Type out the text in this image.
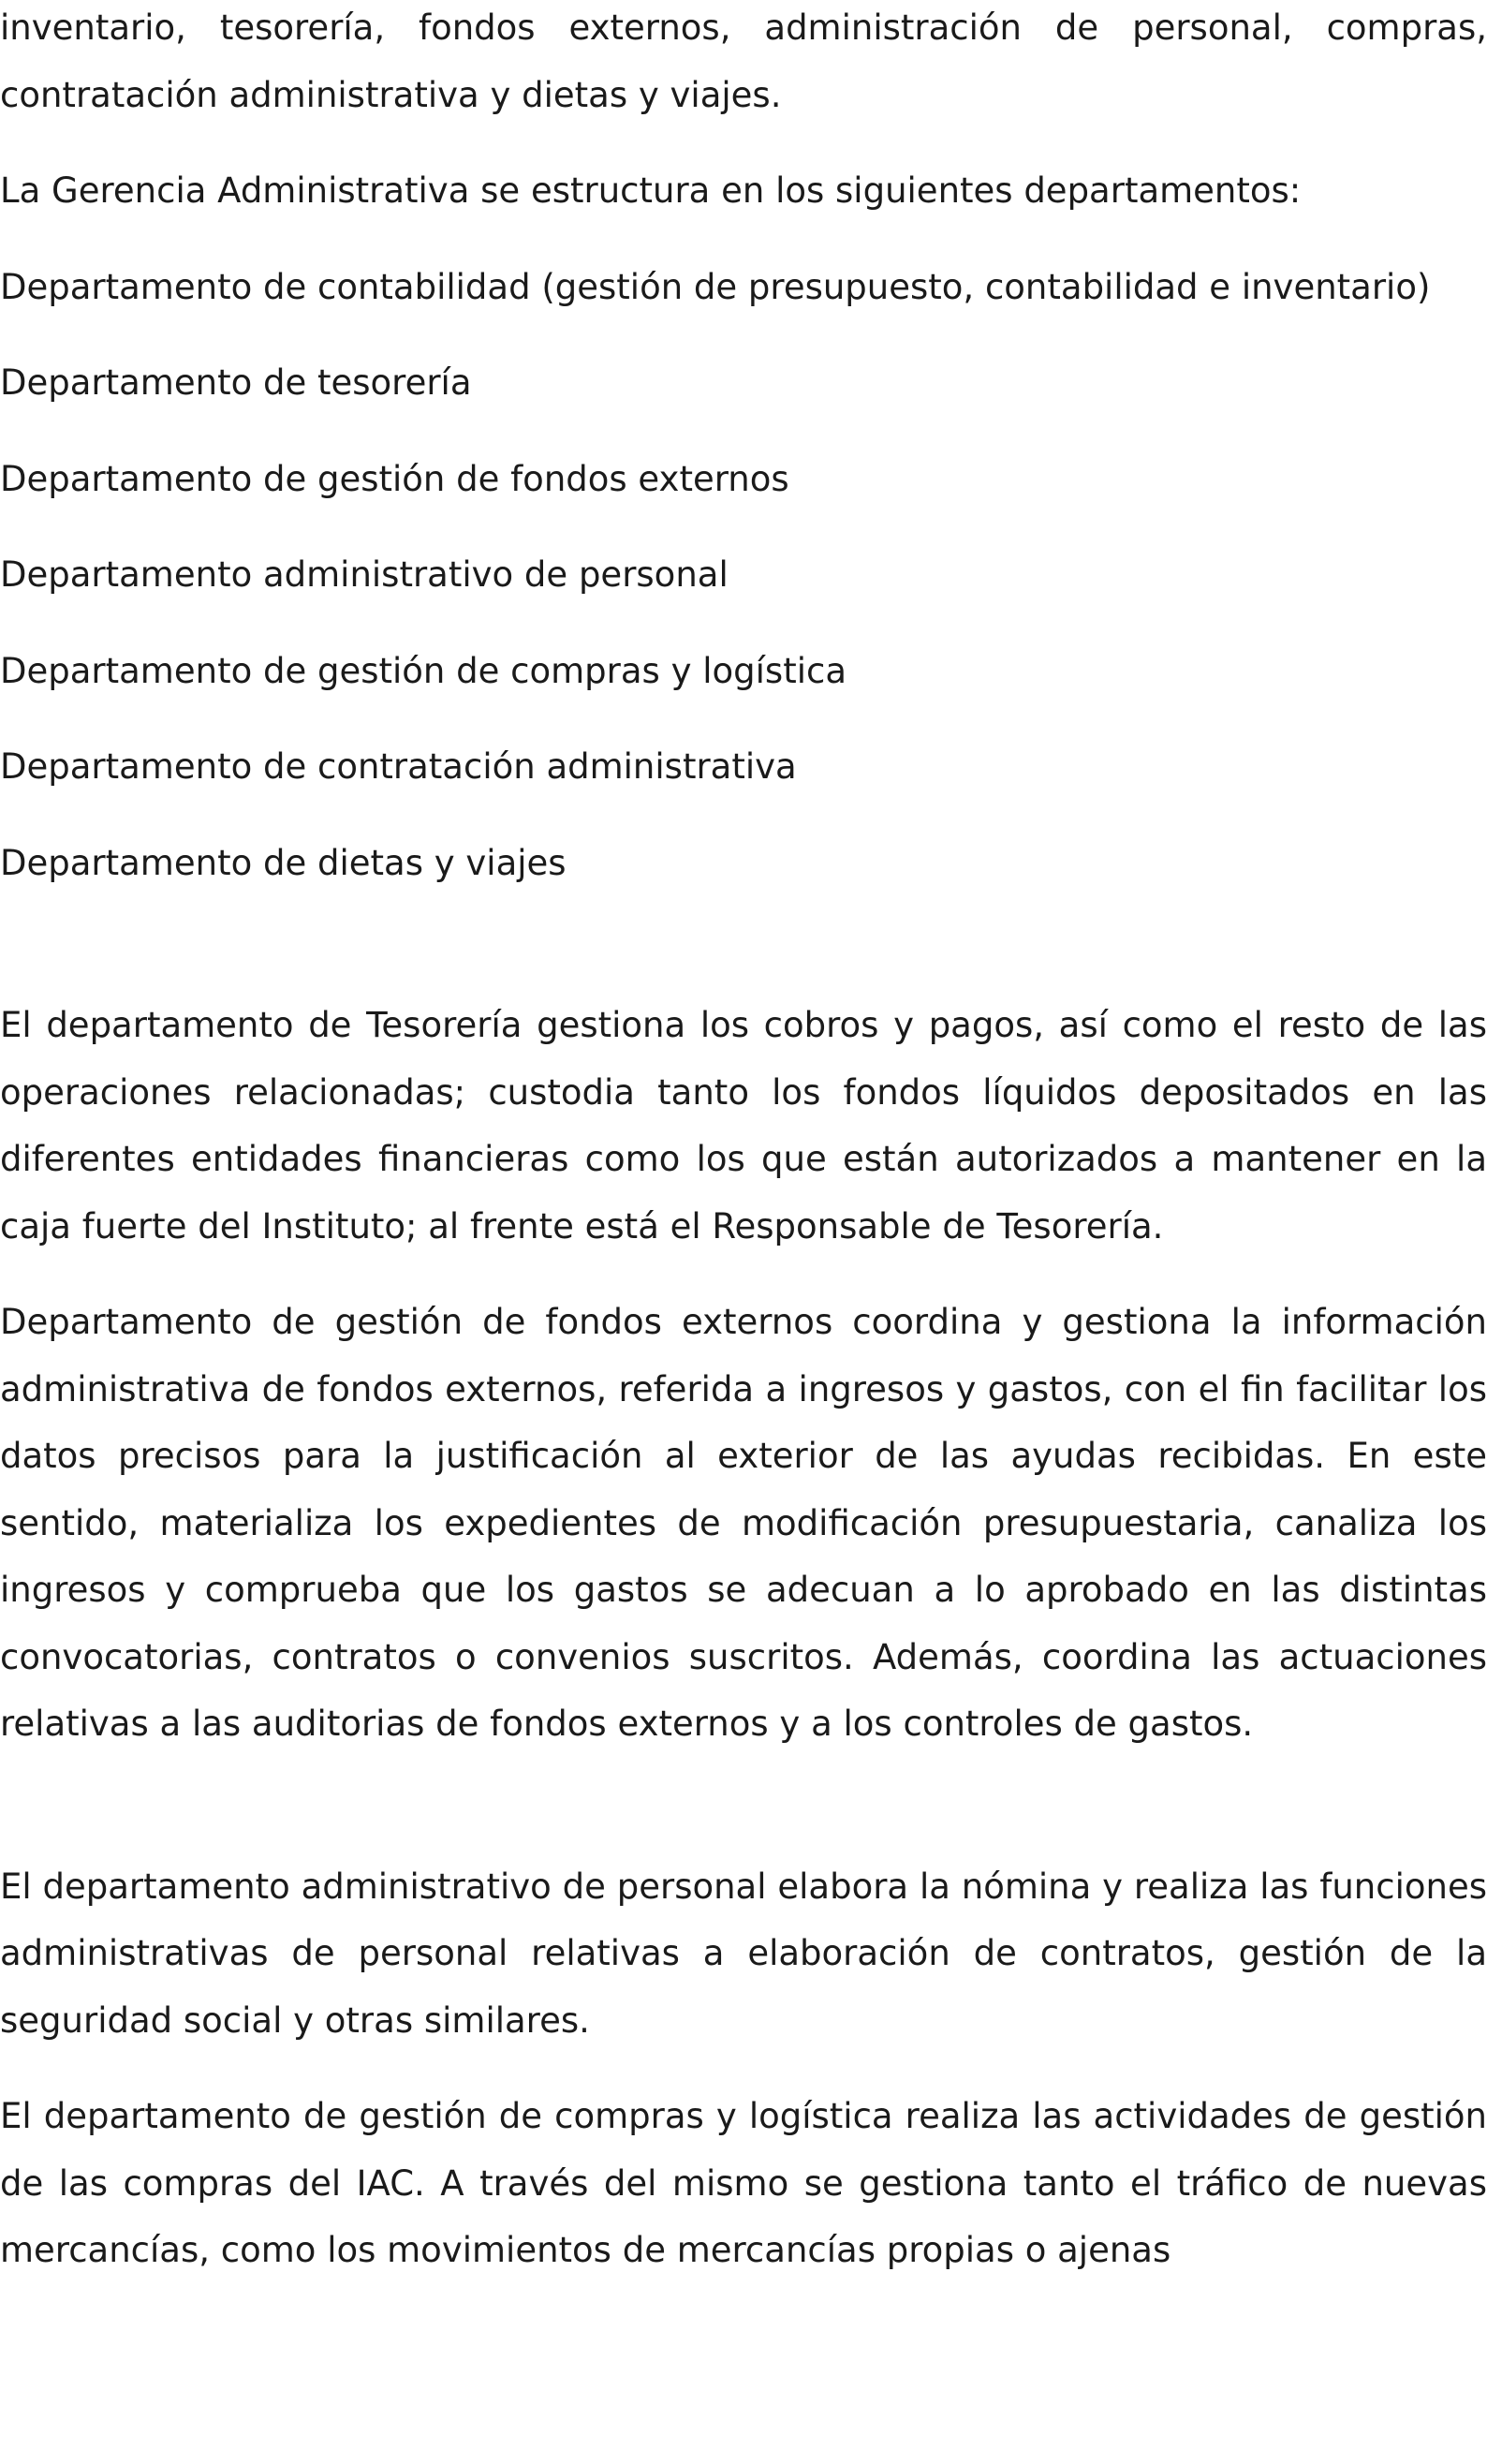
inventario, tesorería, fondos externos, administración de personal, compras, contratación administrativa y dietas y viajes.

La Gerencia Administrativa se estructura en los siguientes departamentos:

Departamento de contabilidad (gestión de presupuesto, contabilidad e inventario)

Departamento de tesorería

Departamento de gestión de fondos externos

Departamento administrativo de personal

Departamento de gestión de compras y logística

Departamento de contratación administrativa

Departamento de dietas y viajes

El departamento de Tesorería gestiona los cobros y pagos, así como el resto de las operaciones relacionadas; custodia tanto los fondos líquidos depositados en las diferentes entidades financieras como los que están autorizados a mantener en la caja fuerte del Instituto; al frente está el Responsable de Tesorería.

Departamento de gestión de fondos externos coordina y gestiona la información administrativa de fondos externos, referida a ingresos y gastos, con el fin facilitar los datos precisos para la justificación al exterior de las ayudas recibidas. En este sentido, materializa los expedientes de modificación presupuestaria, canaliza los ingresos y comprueba que los gastos se adecuan a lo aprobado en las distintas convocatorias, contratos o convenios suscritos. Además, coordina las actuaciones relativas a las auditorias de fondos externos y a los controles de gastos.

El departamento administrativo de personal elabora la nómina y realiza las funciones administrativas de personal relativas a elaboración de contratos, gestión de la seguridad social y otras similares.

El departamento de gestión de compras y logística realiza las actividades de gestión de las compras del IAC. A través del mismo se gestiona tanto el tráfico de nuevas mercancías, como los movimientos de mercancías propias o ajenas
